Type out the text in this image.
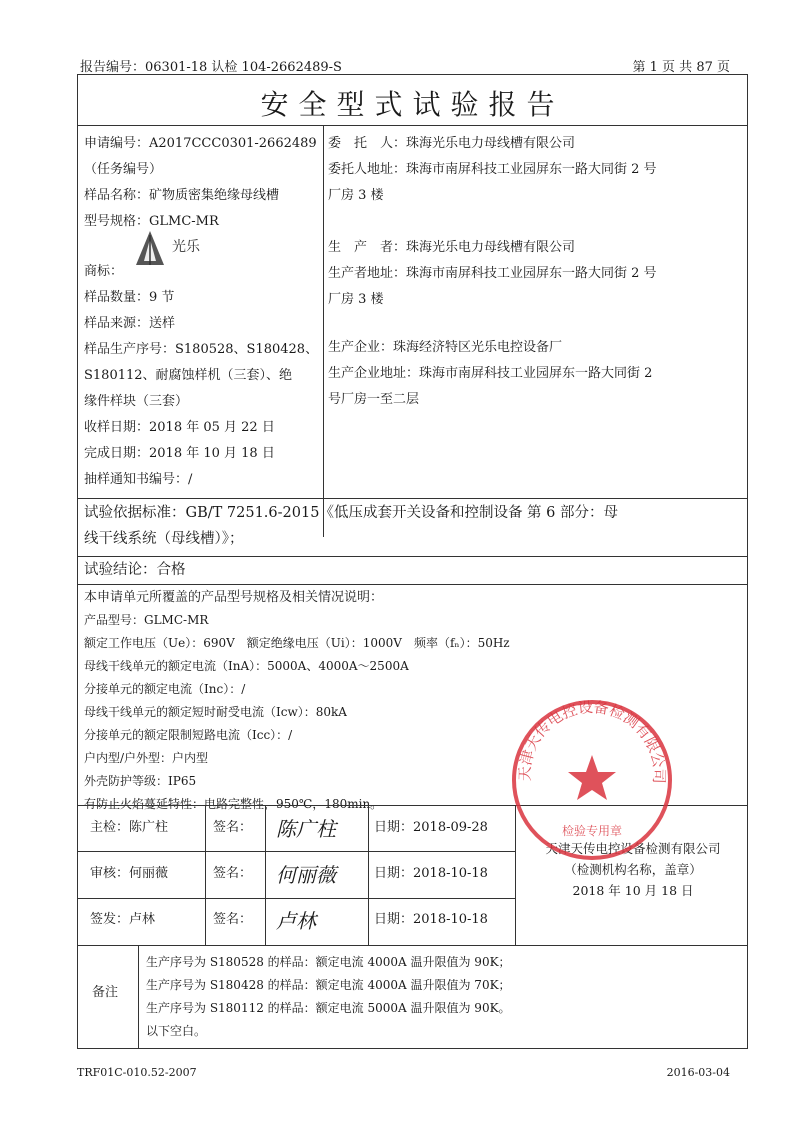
报告编号：06301-18 认检 104-2662489-S	第 1 页 共 87 页
安全型式试验报告
申请编号：A2017CCC0301-2662489
（任务编号）
样品名称：矿物质密集绝缘母线槽
型号规格：GLMC-MR
光乐
商标：
样品数量：9 节
样品来源：送样
样品生产序号：S180528、S180428、
S180112、耐腐蚀样机（三套）、绝
缘件样块（三套）
收样日期：2018 年 05 月 22 日
完成日期：2018 年 10 月 18 日
抽样通知书编号：/
委　托　人：珠海光乐电力母线槽有限公司
委托人地址：珠海市南屏科技工业园屏东一路大同街 2 号
厂房 3 楼
生　产　者：珠海光乐电力母线槽有限公司
生产者地址：珠海市南屏科技工业园屏东一路大同街 2 号
厂房 3 楼
生产企业：珠海经济特区光乐电控设备厂
生产企业地址：珠海市南屏科技工业园屏东一路大同街 2
号厂房一至二层
试验依据标准：GB/T 7251.6-2015《低压成套开关设备和控制设备 第 6 部分：母
线干线系统（母线槽）》；
试验结论：合格
本申请单元所覆盖的产品型号规格及相关情况说明：
产品型号：GLMC-MR
额定工作电压（Ue）：690V　额定绝缘电压（Ui）：1000V　频率（fₙ）：50Hz
母线干线单元的额定电流（InA）：5000A、4000A～2500A
分接单元的额定电流（Inc）：/
母线干线单元的额定短时耐受电流（Icw）：80kA
分接单元的额定限制短路电流（Icc）：/
户内型/户外型：户内型
外壳防护等级：IP65
有防止火焰蔓延特性：电路完整性，950℃，180min。
主检：陈广柱	签名： 陈广柱	日期：2018-09-28
审核：何丽薇	签名： 何丽薇	日期：2018-10-18
签发：卢林	签名： 卢林	日期：2018-10-18
天津天传电控设备检测有限公司
（检测机构名称，盖章）
2018 年 10 月 18 日
备注
生产序号为 S180528 的样品：额定电流 4000A 温升限值为 90K；
生产序号为 S180428 的样品：额定电流 4000A 温升限值为 70K；
生产序号为 S180112 的样品：额定电流 5000A 温升限值为 90K。
以下空白。
天津天传电控设备检测有限公司
检验专用章
TRF01C-010.52-2007	2016-03-04
